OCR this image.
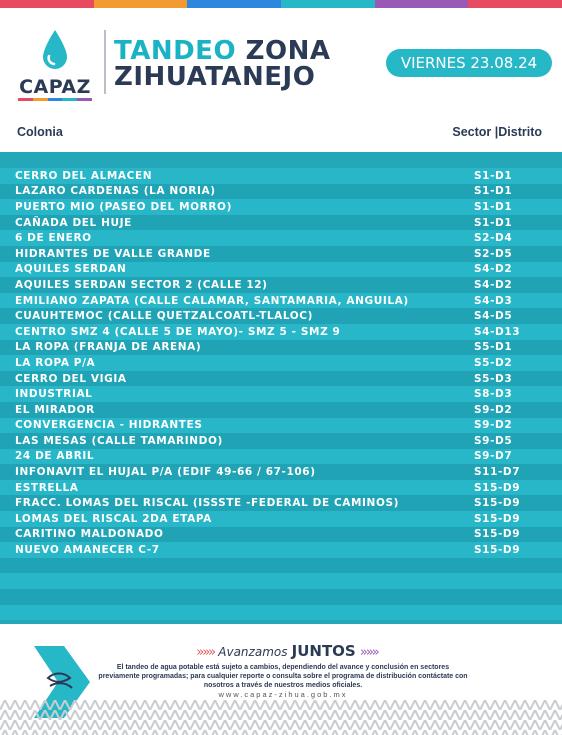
CAPAZ
TANDEO ZONA
ZIHUATANEJO	VIERNES 23.08.24
Colonia	Sector |Distrito
CERRO DEL ALMACEN	S1-D1
LAZARO CARDENAS (LA NORIA)	S1-D1
PUERTO MIO (PASEO DEL MORRO)	S1-D1
CAÑADA DEL HUJE	S1-D1
6 DE ENERO	S2-D4
HIDRANTES DE VALLE GRANDE	S2-D5
AQUILES SERDAN	S4-D2
AQUILES SERDAN SECTOR 2 (CALLE 12)	S4-D2
EMILIANO ZAPATA (CALLE CALAMAR, SANTAMARIA, ANGUILA)	S4-D3
CUAUHTEMOC (CALLE QUETZALCOATL-TLALOC)	S4-D5
CENTRO SMZ 4 (CALLE 5 DE MAYO)- SMZ 5 - SMZ 9	S4-D13
LA ROPA (FRANJA DE ARENA)	S5-D1
LA ROPA P/A	S5-D2
CERRO DEL VIGIA	S5-D3
INDUSTRIAL	S8-D3
EL MIRADOR	S9-D2
CONVERGENCIA - HIDRANTES	S9-D2
LAS MESAS (CALLE TAMARINDO)	S9-D5
24 DE ABRIL	S9-D7
INFONAVIT EL HUJAL P/A (EDIF 49-66 / 67-106)	S11-D7
ESTRELLA	S15-D9
FRACC. LOMAS DEL RISCAL (ISSSTE -FEDERAL DE CAMINOS)	S15-D9
LOMAS DEL RISCAL 2DA ETAPA	S15-D9
CARITINO MALDONADO	S15-D9
NUEVO AMANECER C-7	S15-D9
»»» Avanzamos JUNTOS »»»
El tandeo de agua potable está sujeto a cambios, dependiendo del avance y conclusión en sectores previamente programadas; para cualquier reporte o consulta sobre el programa de distribución contáctate con nosotros a través de nuestros medios oficiales.
www.capaz-zihua.gob.mx
